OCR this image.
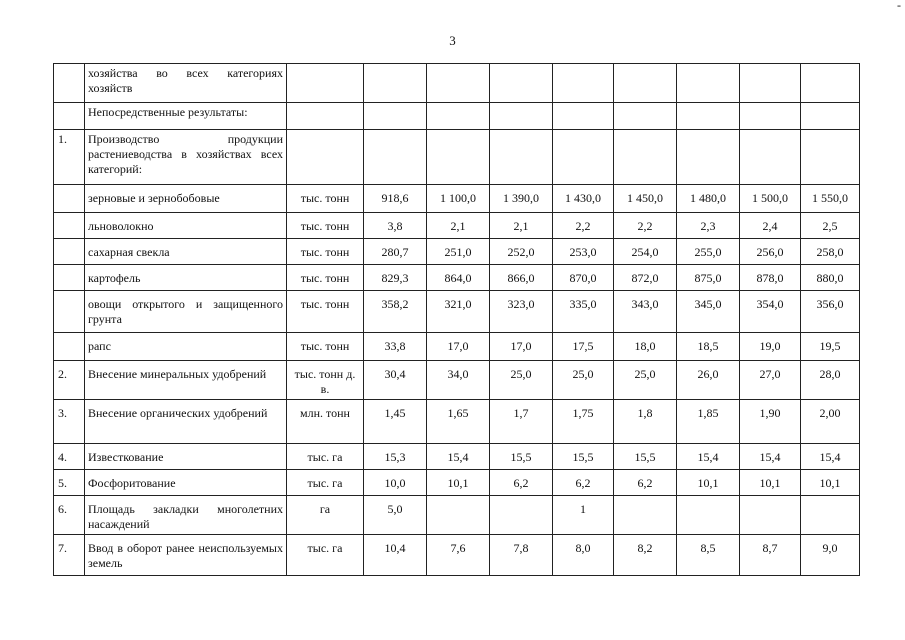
3
-
	хозяйства во всех категориях хозяйств									
	Непосредственные результаты:									
1.	Производство продукции растениеводства в хозяйствах всех категорий:									
	зерновые и зернобобовые	тыс. тонн	918,6	1 100,0	1 390,0	1 430,0	1 450,0	1 480,0	1 500,0	1 550,0
	льноволокно	тыс. тонн	3,8	2,1	2,1	2,2	2,2	2,3	2,4	2,5
	сахарная свекла	тыс. тонн	280,7	251,0	252,0	253,0	254,0	255,0	256,0	258,0
	картофель	тыс. тонн	829,3	864,0	866,0	870,0	872,0	875,0	878,0	880,0
	овощи открытого и защищенного грунта	тыс. тонн	358,2	321,0	323,0	335,0	343,0	345,0	354,0	356,0
	рапс	тыс. тонн	33,8	17,0	17,0	17,5	18,0	18,5	19,0	19,5
2.	Внесение минеральных удобрений	тыс. тонн д. в.	30,4	34,0	25,0	25,0	25,0	26,0	27,0	28,0
3.	Внесение органических удобрений	млн. тонн	1,45	1,65	1,7	1,75	1,8	1,85	1,90	2,00
4.	Известкование	тыс. га	15,3	15,4	15,5	15,5	15,5	15,4	15,4	15,4
5.	Фосфоритование	тыс. га	10,0	10,1	6,2	6,2	6,2	10,1	10,1	10,1
6.	Площадь закладки многолетних насаждений	га	5,0			1				
7.	Ввод в оборот ранее неиспользуемых земель	тыс. га	10,4	7,6	7,8	8,0	8,2	8,5	8,7	9,0
